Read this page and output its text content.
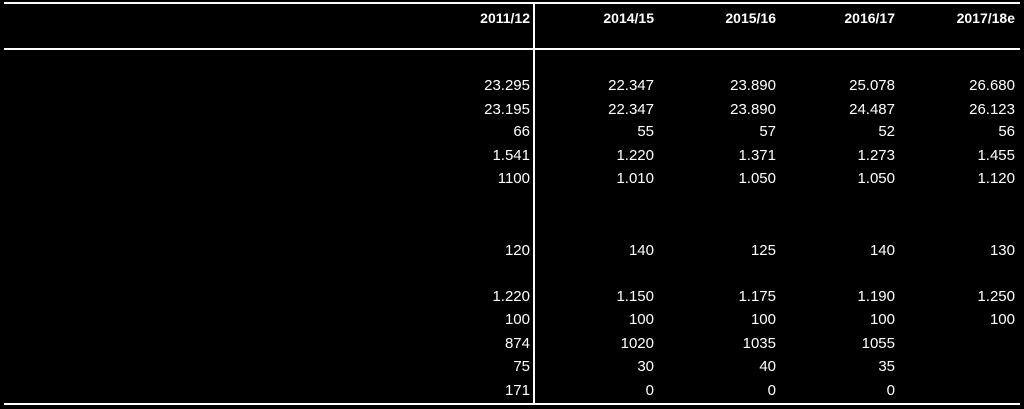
2011/12	2014/15	2015/16	2016/17	2017/18e
23.295	22.347	23.890	25.078	26.680
23.195	22.347	23.890	24.487	26.123
66	55	57	52	56
1.541	1.220	1.371	1.273	1.455
1100	1.010	1.050	1.050	1.120
120	140	125	140	130
1.220	1.150	1.175	1.190	1.250
100	100	100	100	100
874	1020	1035	1055
75	30	40	35
171	0	0	0
